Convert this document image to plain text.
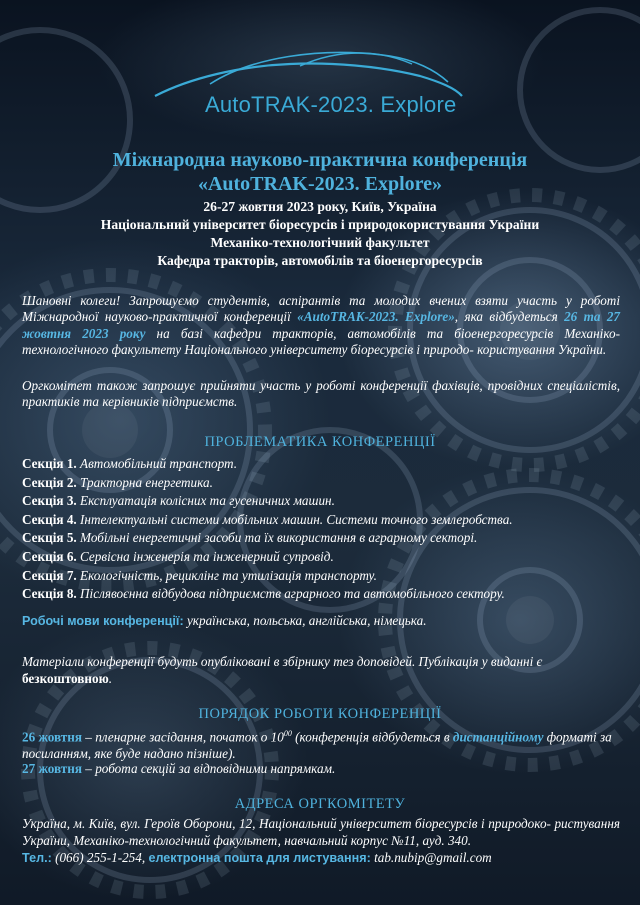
AutoTRAK-2023. Explore
Міжнародна науково-практична конференція
«AutoTRAK-2023. Explore»
26-27 жовтня 2023 року, Київ, Україна
Національний університет біоресурсів і природокористування України
Механіко-технологічний факультет
Кафедра тракторів, автомобілів та біоенергоресурсів
Шановні колеги! Запрошуємо студентів, аспірантів та молодих вчених взяти участь у роботі Міжнародної науково-практичної конференції «AutoTRAK-2023. Explore», яка відбудеться 26 та 27 жовтня 2023 року на базі кафедри тракторів, автомобілів та біоенергоресурсів Механіко-технологічного факультету Національного університету біоресурсів і природо- користування України.
Оргкомітет також запрошує прийняти участь у роботі конференції фахівців, провідних спеціалістів, практиків та керівників підприємств.
ПРОБЛЕМАТИКА КОНФЕРЕНЦІЇ
Секція 1. Автомобільний транспорт.
Секція 2. Тракторна енергетика.
Секція 3. Експлуатація колісних та гусеничних машин.
Секція 4. Інтелектуальні системи мобільних машин. Системи точного землеробства.
Секція 5. Мобільні енергетичні засоби та їх використання в аграрному секторі.
Секція 6. Сервісна інженерія та інженерний супровід.
Секція 7. Екологічність, рециклінг та утилізація транспорту.
Секція 8. Післявоєнна відбудова підприємств аграрного та автомобільного сектору.
Робочі мови конференції: українська, польська, англійська, німецька.
Матеріали конференції будуть опубліковані в збірнику тез доповідей. Публікація у виданні є безкоштовною.
ПОРЯДОК РОБОТИ КОНФЕРЕНЦІЇ
26 жовтня – пленарне засідання, початок о $10^{00}$ (конференція відбудеться в дистанційному форматі за посиланням, яке буде надано пізніше).
27 жовтня – робота секцій за відповідними напрямкам.
АДРЕСА ОРГКОМІТЕТУ
Україна, м. Київ, вул. Героїв Оборони, 12, Національний університет біоресурсів і природоко- ристування України, Механіко-технологічний факультет, навчальний корпус №11, ауд. 340.
Тел.: (066) 255-1-254, електронна пошта для листування: tab.nubip@gmail.com
